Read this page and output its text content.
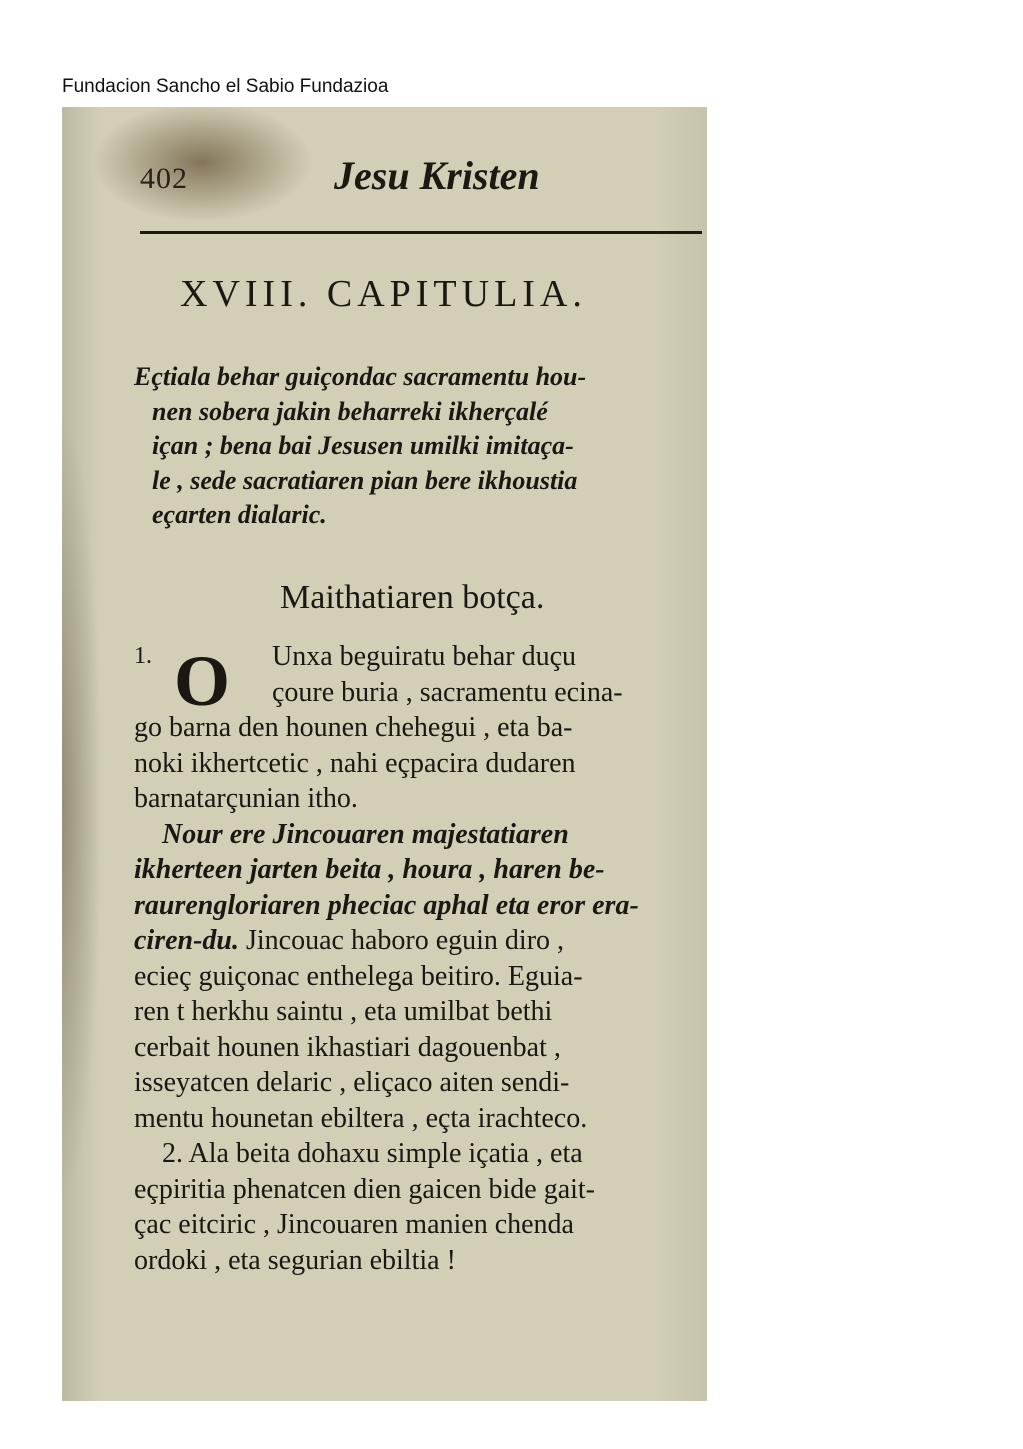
Fundacion Sancho el Sabio Fundazioa
402	Jesu Kristen
XVIII. CAPITULIA.
Eçtiala behar guiçondac sacramentu hou-
nen sobera jakin beharreki ikherçalé
içan ; bena bai Jesusen umilki imitaça-
le , sede sacratiaren pian bere ikhoustia
eçarten dialaric.
Maithatiaren botça.
1. O	Unxa beguiratu behar duçu
çoure buria , sacramentu ecina-
go barna den hounen chehegui , eta ba-
noki ikhertcetic , nahi eçpacira dudaren
barnatarçunian itho.
Nour ere Jincouaren majestatiaren
ikherteen jarten beita , houra , haren be-
raurengloriaren pheciac aphal eta eror era-
ciren-du. Jincouac haboro eguin diro ,
ecieç guiçonac enthelega beitiro. Eguia-
ren t herkhu saintu , eta umilbat bethi
cerbait hounen ikhastiari dagouenbat ,
isseyatcen delaric , eliçaco aiten sendi-
mentu hounetan ebiltera , eçta irachteco.
2. Ala beita dohaxu simple içatia , eta
eçpiritia phenatcen dien gaicen bide gait-
çac eitciric , Jincouaren manien chenda
ordoki , eta segurian ebiltia !
